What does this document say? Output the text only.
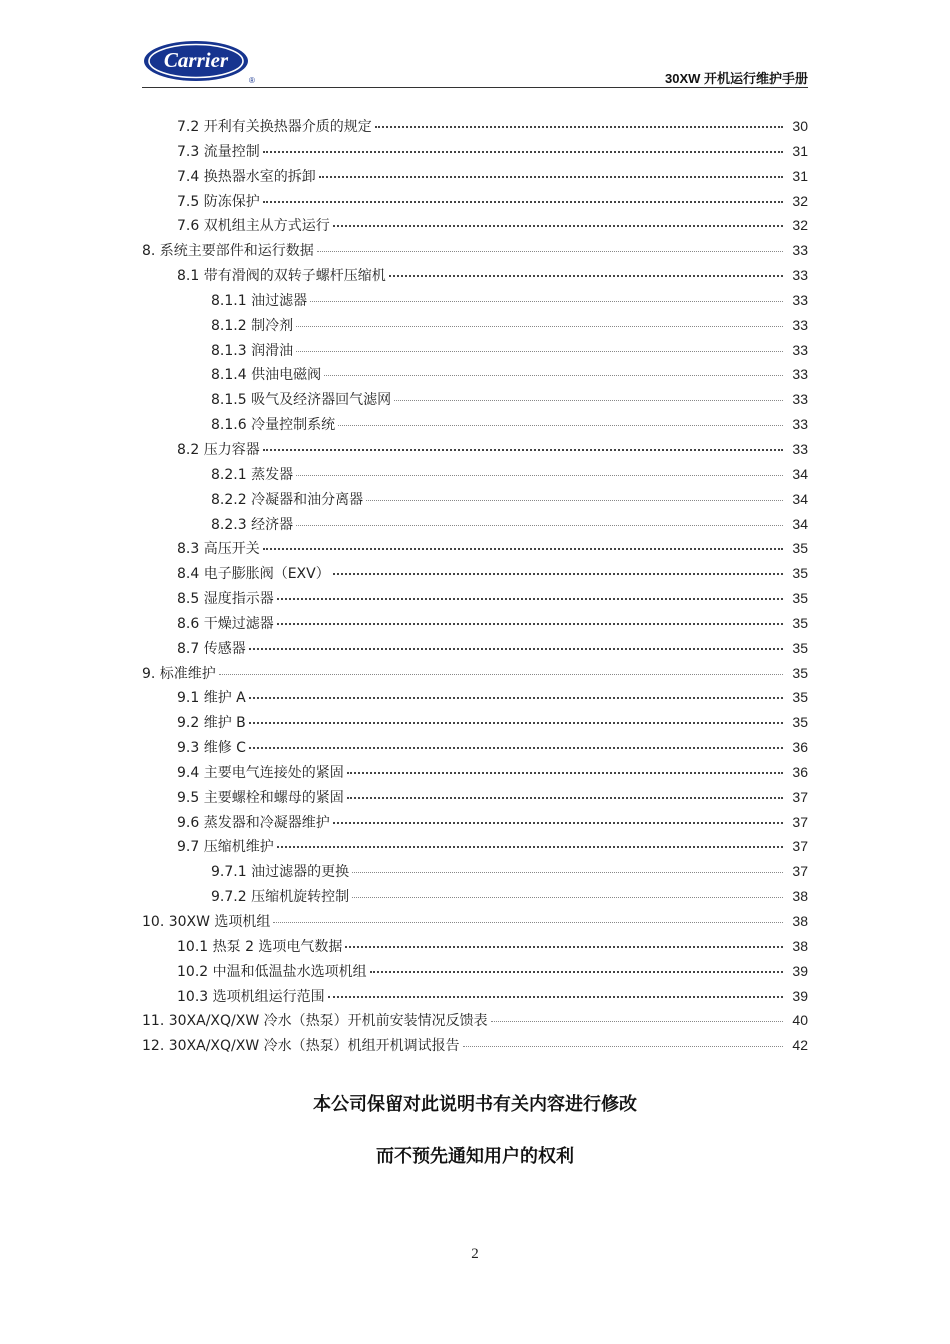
Carrier
®	30XW 开机运行维护手册
7.2 开利有关换热器介质的规定	30
7.3 流量控制	31
7.4 换热器水室的拆卸	31
7.5 防冻保护	32
7.6 双机组主从方式运行	32
8. 系统主要部件和运行数据	33
8.1 带有滑阀的双转子螺杆压缩机	33
8.1.1 油过滤器	33
8.1.2 制冷剂	33
8.1.3 润滑油	33
8.1.4 供油电磁阀	33
8.1.5 吸气及经济器回气滤网	33
8.1.6 冷量控制系统	33
8.2 压力容器	33
8.2.1 蒸发器	34
8.2.2 冷凝器和油分离器	34
8.2.3 经济器	34
8.3 高压开关	35
8.4 电子膨胀阀（EXV）	35
8.5 湿度指示器	35
8.6 干燥过滤器	35
8.7 传感器	35
9. 标准维护	35
9.1 维护 A	35
9.2 维护 B	35
9.3 维修 C	36
9.4 主要电气连接处的紧固	36
9.5 主要螺栓和螺母的紧固	37
9.6 蒸发器和冷凝器维护	37
9.7 压缩机维护	37
9.7.1 油过滤器的更换	37
9.7.2 压缩机旋转控制	38
10. 30XW 选项机组	38
10.1 热泵 2 选项电气数据	38
10.2 中温和低温盐水选项机组	39
10.3 选项机组运行范围	39
11. 30XA/XQ/XW 冷水（热泵）开机前安装情况反馈表	40
12. 30XA/XQ/XW 冷水（热泵）机组开机调试报告	42
本公司保留对此说明书有关内容进行修改
而不预先通知用户的权利
2
